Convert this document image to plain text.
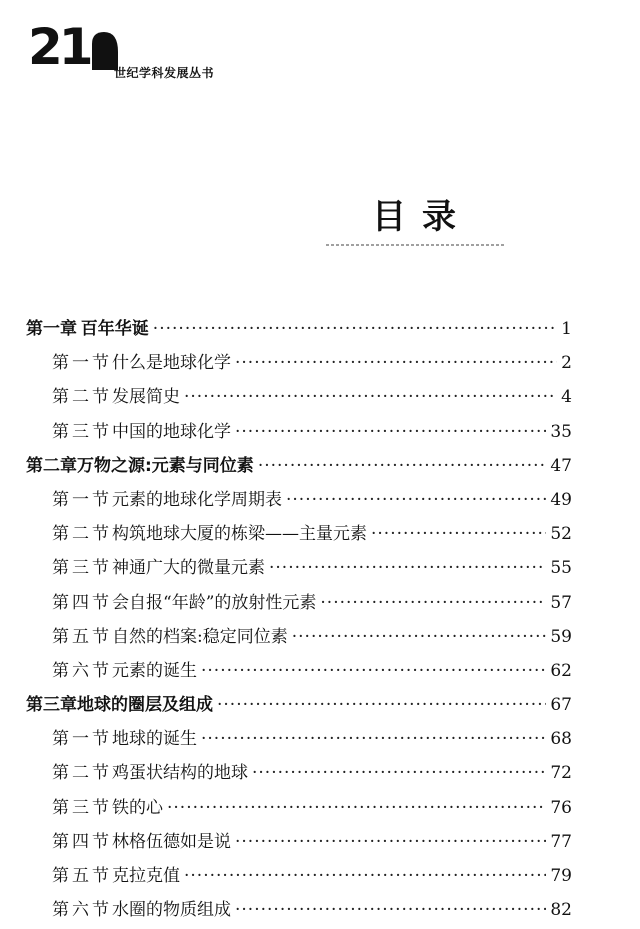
21 世纪学科发展丛书
目录
第一章 百年华诞 ·····	1
第一节 什么是地球化学 ·····	2
第二节 发展简史 ·····	4
第三节 中国的地球化学 ·····	35
第二章 万物之源:元素与同位素 ·····	47
第一节 元素的地球化学周期表 ·····	49
第二节 构筑地球大厦的栋梁——主量元素 ·····	52
第三节 神通广大的微量元素 ·····	55
第四节 会自报“年龄”的放射性元素 ·····	57
第五节 自然的档案:稳定同位素 ·····	59
第六节 元素的诞生 ·····	62
第三章 地球的圈层及组成 ·····	67
第一节 地球的诞生 ·····	68
第二节 鸡蛋状结构的地球 ·····	72
第三节 铁的心 ·····	76
第四节 林格伍德如是说 ·····	77
第五节 克拉克值 ·····	79
第六节 水圈的物质组成 ·····	82
